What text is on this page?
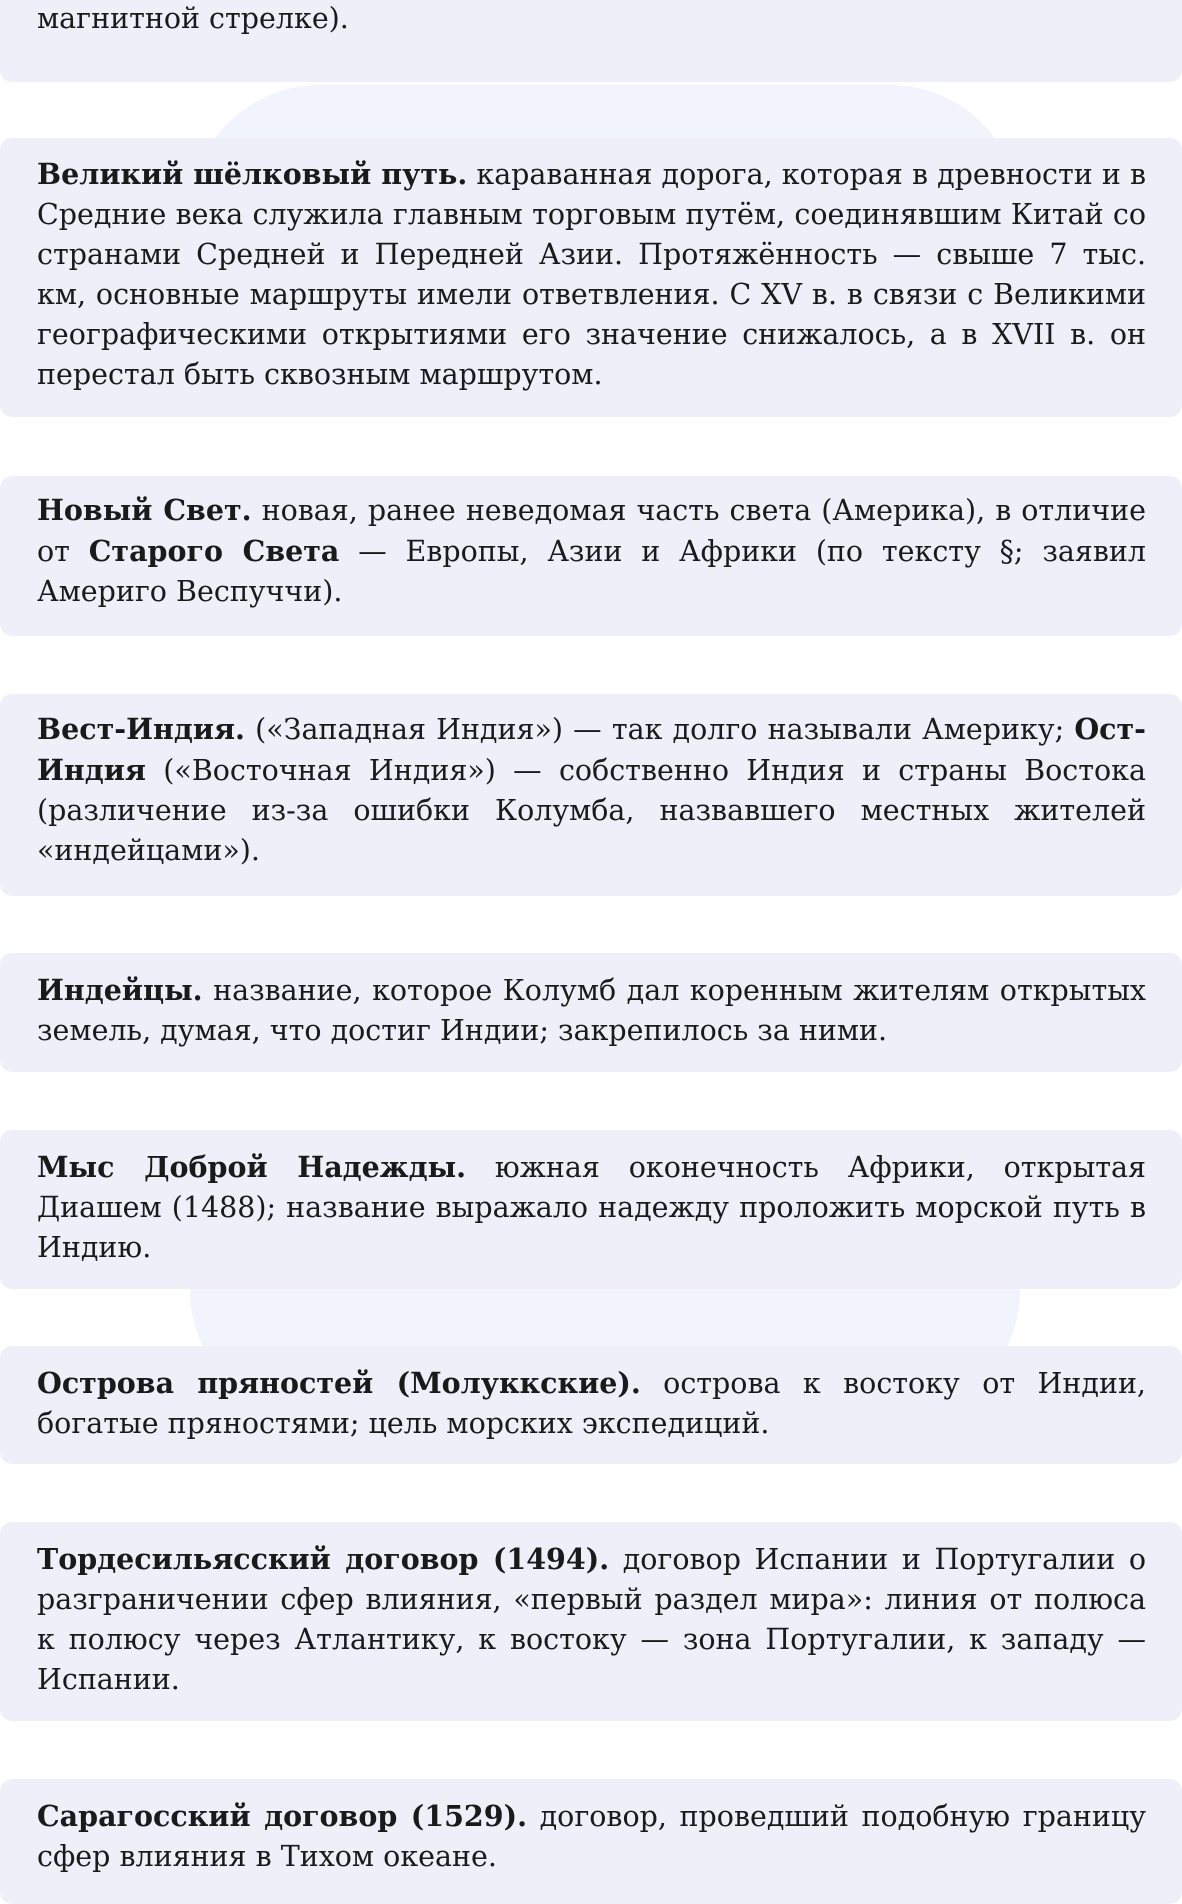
магнитной стрелке).

Великий шёлковый путь. караванная дорога, которая в древности и в Средние века служила главным торговым путём, соединявшим Китай со странами Средней и Передней Азии. Протяжённость — свыше 7 тыс. км, основные маршруты имели ответвления. С XV в. в связи с Великими географическими открытиями его значение снижалось, а в XVII в. он перестал быть сквозным маршрутом.

Новый Свет. новая, ранее неведомая часть света (Америка), в отличие от Старого Света — Европы, Азии и Африки (по тексту §; заявил Америго Веспуччи).

Вест-Индия. («Западная Индия») — так долго называли Америку; Ост-Индия («Восточная Индия») — собственно Индия и страны Востока (различение из-за ошибки Колумба, назвавшего местных жителей «индейцами»).

Индейцы. название, которое Колумб дал коренным жителям открытых земель, думая, что достиг Индии; закрепилось за ними.

Мыс Доброй Надежды. южная оконечность Африки, открытая Диашем (1488); название выражало надежду проложить морской путь в Индию.

Острова пряностей (Молуккские). острова к востоку от Индии, богатые пряностями; цель морских экспедиций.

Тордесильясский договор (1494). договор Испании и Португалии о разграничении сфер влияния, «первый раздел мира»: линия от полюса к полюсу через Атлантику, к востоку — зона Португалии, к западу — Испании.

Сарагосский договор (1529). договор, проведший подобную границу сфер влияния в Тихом океане.
